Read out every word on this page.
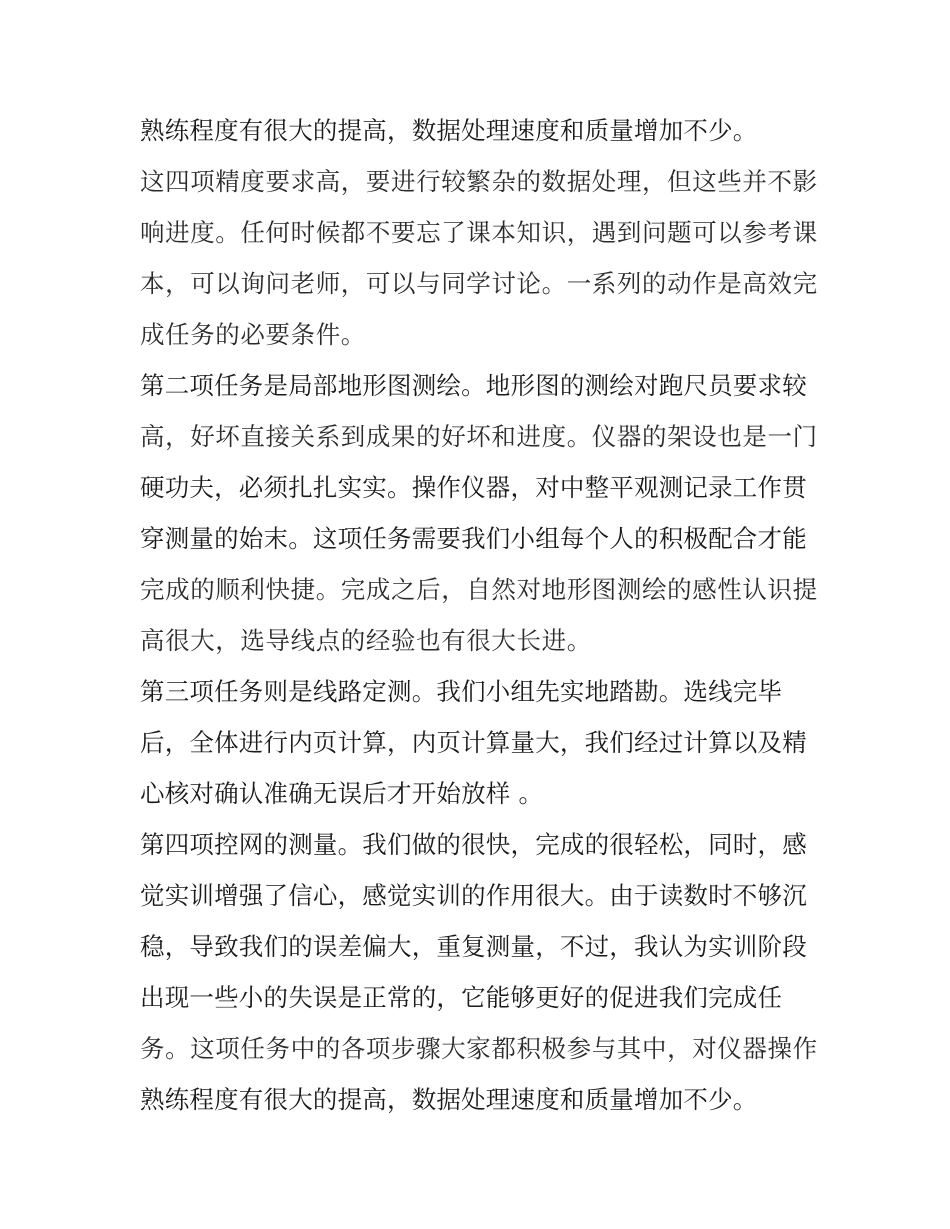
熟练程度有很大的提高，数据处理速度和质量增加不少。
这四项精度要求高，要进行较繁杂的数据处理，但这些并不影
响进度。任何时候都不要忘了课本知识，遇到问题可以参考课
本，可以询问老师，可以与同学讨论。一系列的动作是高效完
成任务的必要条件。
第二项任务是局部地形图测绘。地形图的测绘对跑尺员要求较
高，好坏直接关系到成果的好坏和进度。仪器的架设也是一门
硬功夫，必须扎扎实实。操作仪器，对中整平观测记录工作贯
穿测量的始末。这项任务需要我们小组每个人的积极配合才能
完成的顺利快捷。完成之后，自然对地形图测绘的感性认识提
高很大，选导线点的经验也有很大长进。
第三项任务则是线路定测。我们小组先实地踏勘。选线完毕
后，全体进行内页计算，内页计算量大，我们经过计算以及精
心核对确认准确无误后才开始放样 。
第四项控网的测量。我们做的很快，完成的很轻松，同时，感
觉实训增强了信心，感觉实训的作用很大。由于读数时不够沉
稳，导致我们的误差偏大，重复测量，不过，我认为实训阶段
出现一些小的失误是正常的，它能够更好的促进我们完成任
务。这项任务中的各项步骤大家都积极参与其中，对仪器操作
熟练程度有很大的提高，数据处理速度和质量增加不少。
